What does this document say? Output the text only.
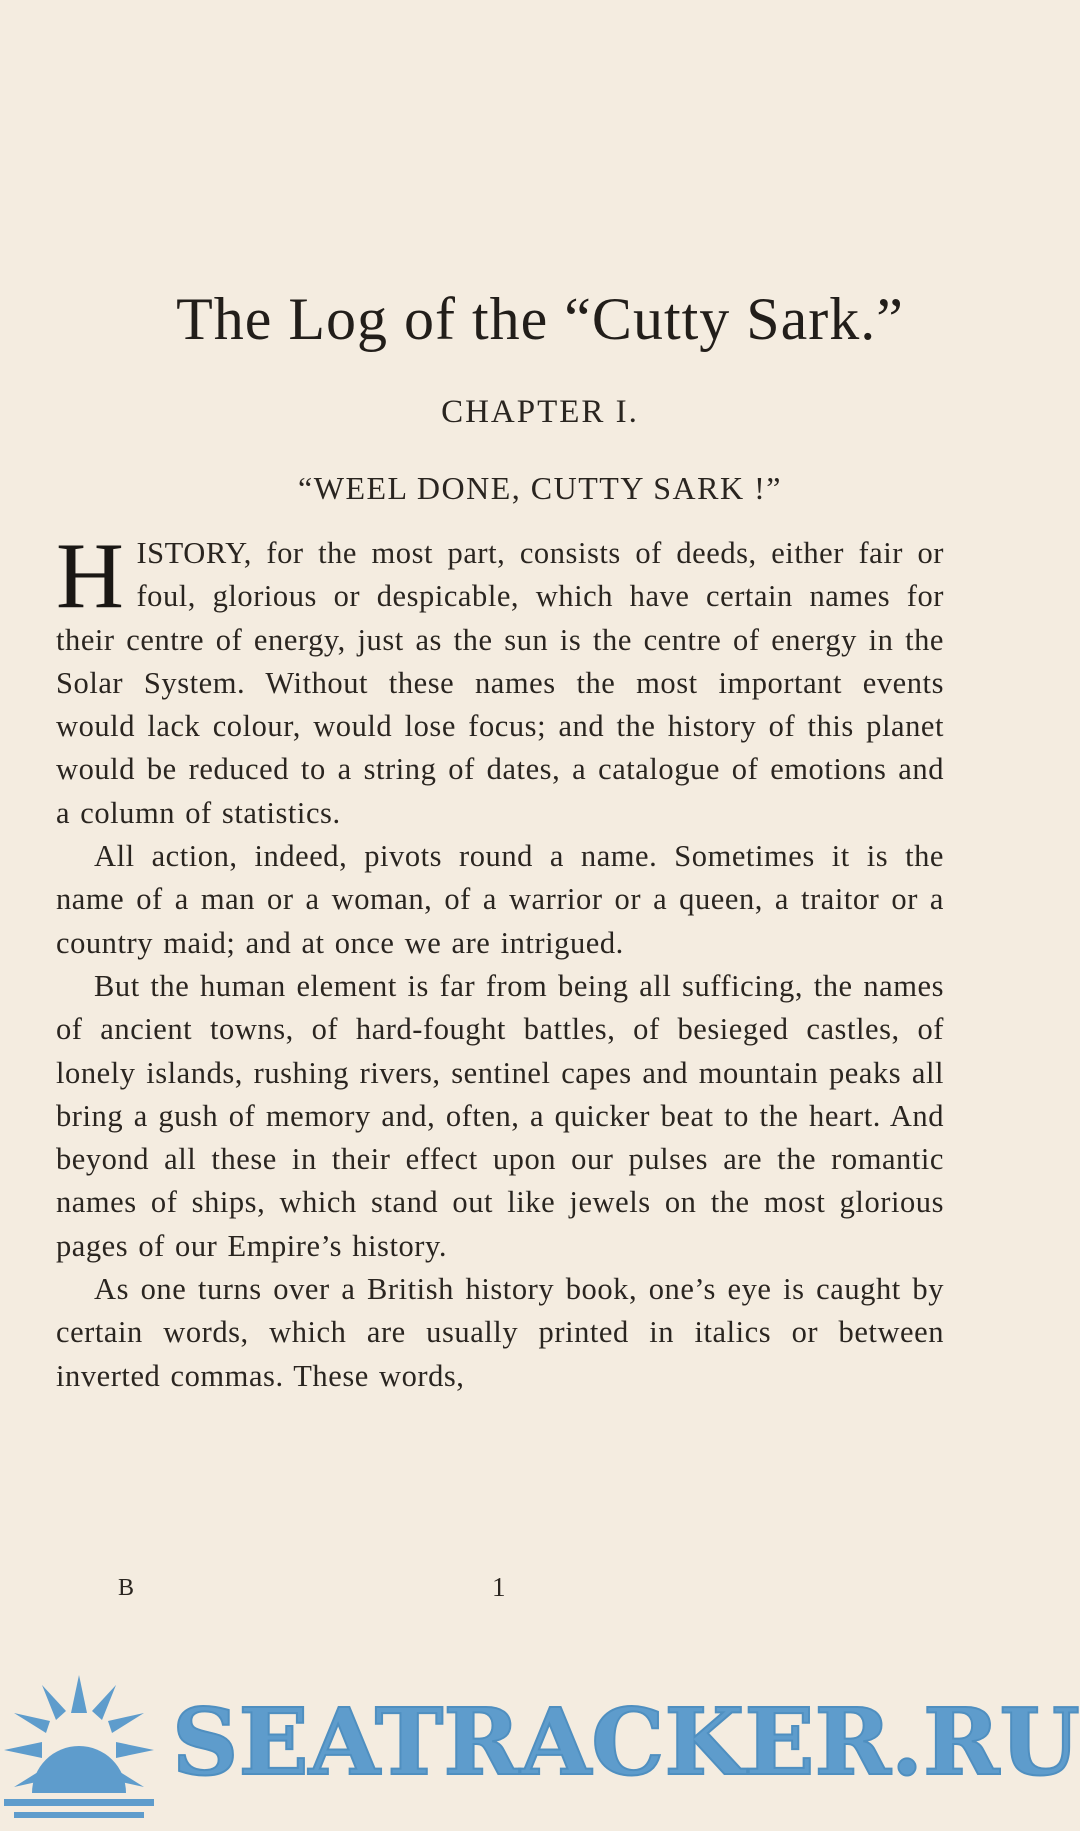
The Log of the “Cutty Sark.”
CHAPTER I.
“WEEL DONE, CUTTY SARK !”

HISTORY, for the most part, consists of deeds, either fair or foul, glorious or despicable, which have certain names for their centre of energy, just as the sun is the centre of energy in the Solar System. Without these names the most important events would lack colour, would lose focus; and the history of this planet would be reduced to a string of dates, a catalogue of emotions and a column of statistics.

All action, indeed, pivots round a name. Sometimes it is the name of a man or a woman, of a warrior or a queen, a traitor or a country maid; and at once we are intrigued.

But the human element is far from being all sufficing, the names of ancient towns, of hard-fought battles, of besieged castles, of lonely islands, rushing rivers, sentinel capes and mountain peaks all bring a gush of memory and, often, a quicker beat to the heart. And beyond all these in their effect upon our pulses are the romantic names of ships, which stand out like jewels on the most glorious pages of our Empire’s history.

As one turns over a British history book, one’s eye is caught by certain words, which are usually printed in italics or between inverted commas. These words,

B	1
SEATRACKER.RU
